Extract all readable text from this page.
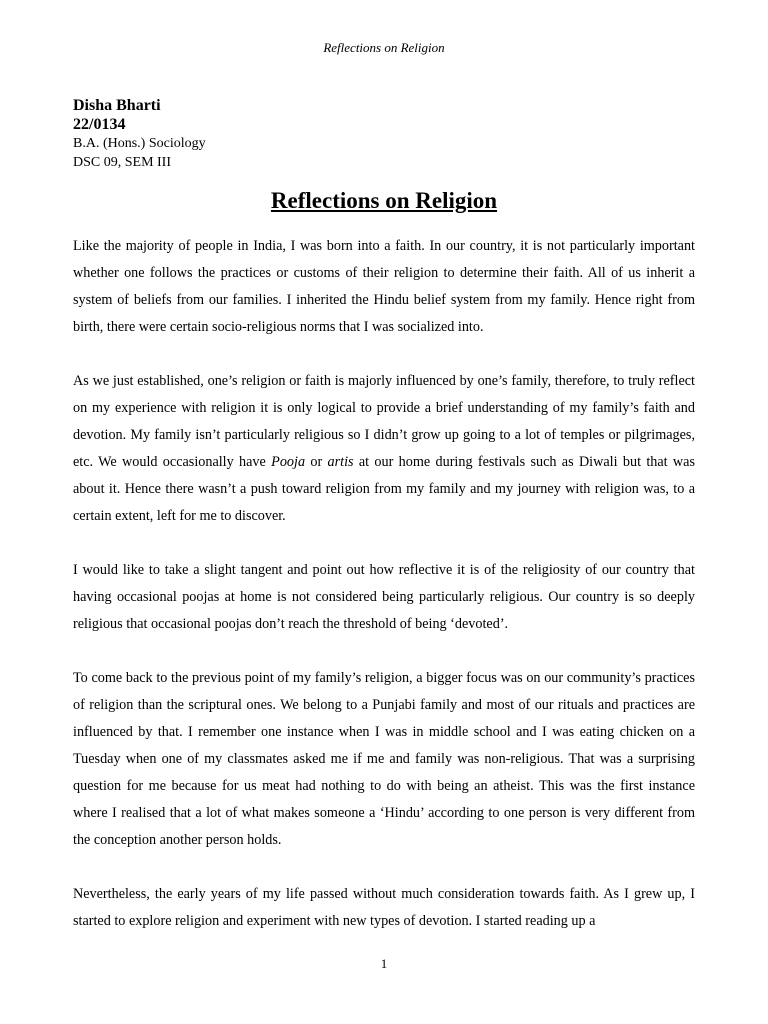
Reflections on Religion
Disha Bharti
22/0134
B.A. (Hons.) Sociology
DSC 09, SEM III
Reflections on Religion

Like the majority of people in India, I was born into a faith. In our country, it is not particularly important whether one follows the practices or customs of their religion to determine their faith. All of us inherit a system of beliefs from our families. I inherited the Hindu belief system from my family. Hence right from birth, there were certain socio-religious norms that I was socialized into.

As we just established, one’s religion or faith is majorly influenced by one’s family, therefore, to truly reflect on my experience with religion it is only logical to provide a brief understanding of my family’s faith and devotion. My family isn’t particularly religious so I didn’t grow up going to a lot of temples or pilgrimages, etc. We would occasionally have Pooja or artis at our home during festivals such as Diwali but that was about it. Hence there wasn’t a push toward religion from my family and my journey with religion was, to a certain extent, left for me to discover.

I would like to take a slight tangent and point out how reflective it is of the religiosity of our country that having occasional poojas at home is not considered being particularly religious. Our country is so deeply religious that occasional poojas don’t reach the threshold of being ‘devoted’.

To come back to the previous point of my family’s religion, a bigger focus was on our community’s practices of religion than the scriptural ones. We belong to a Punjabi family and most of our rituals and practices are influenced by that. I remember one instance when I was in middle school and I was eating chicken on a Tuesday when one of my classmates asked me if me and family was non-religious. That was a surprising question for me because for us meat had nothing to do with being an atheist. This was the first instance where I realised that a lot of what makes someone a ‘Hindu’ according to one person is very different from the conception another person holds.

Nevertheless, the early years of my life passed without much consideration towards faith. As I grew up, I started to explore religion and experiment with new types of devotion. I started reading up a

1
